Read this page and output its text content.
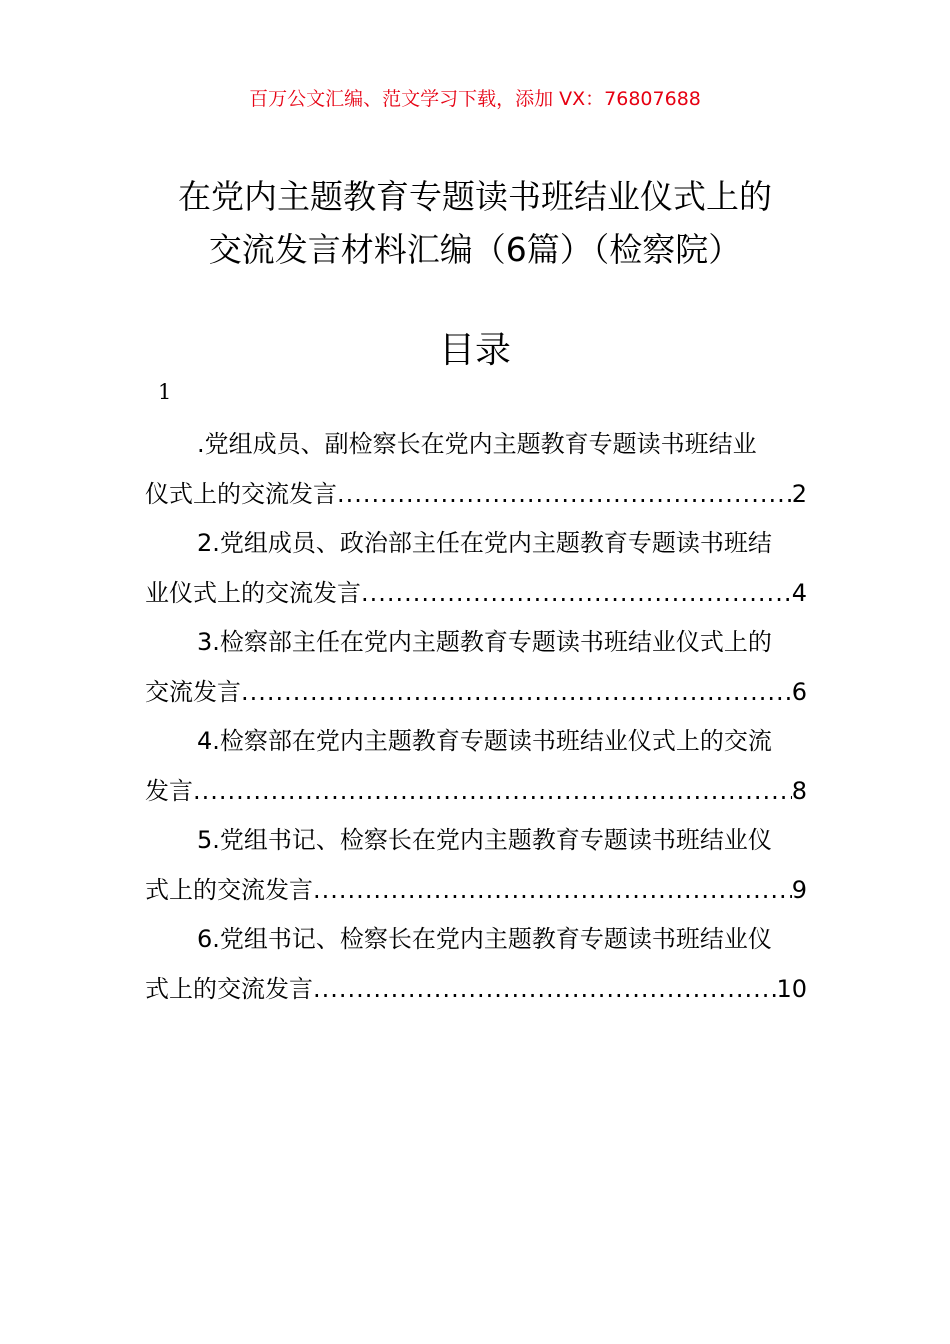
百万公文汇编、范文学习下载，添加 VX：76807688
在党内主题教育专题读书班结业仪式上的
交流发言材料汇编（6篇）（检察院）
目录
1
.党组成员、副检察长在党内主题教育专题读书班结业
仪式上的交流发言 .....	2
2.党组成员、政治部主任在党内主题教育专题读书班结
业仪式上的交流发言 .....	4
3.检察部主任在党内主题教育专题读书班结业仪式上的
交流发言 .....	6
4.检察部在党内主题教育专题读书班结业仪式上的交流
发言 .....	8
5.党组书记、检察长在党内主题教育专题读书班结业仪
式上的交流发言 .....	9
6.党组书记、检察长在党内主题教育专题读书班结业仪
式上的交流发言 .....	10
